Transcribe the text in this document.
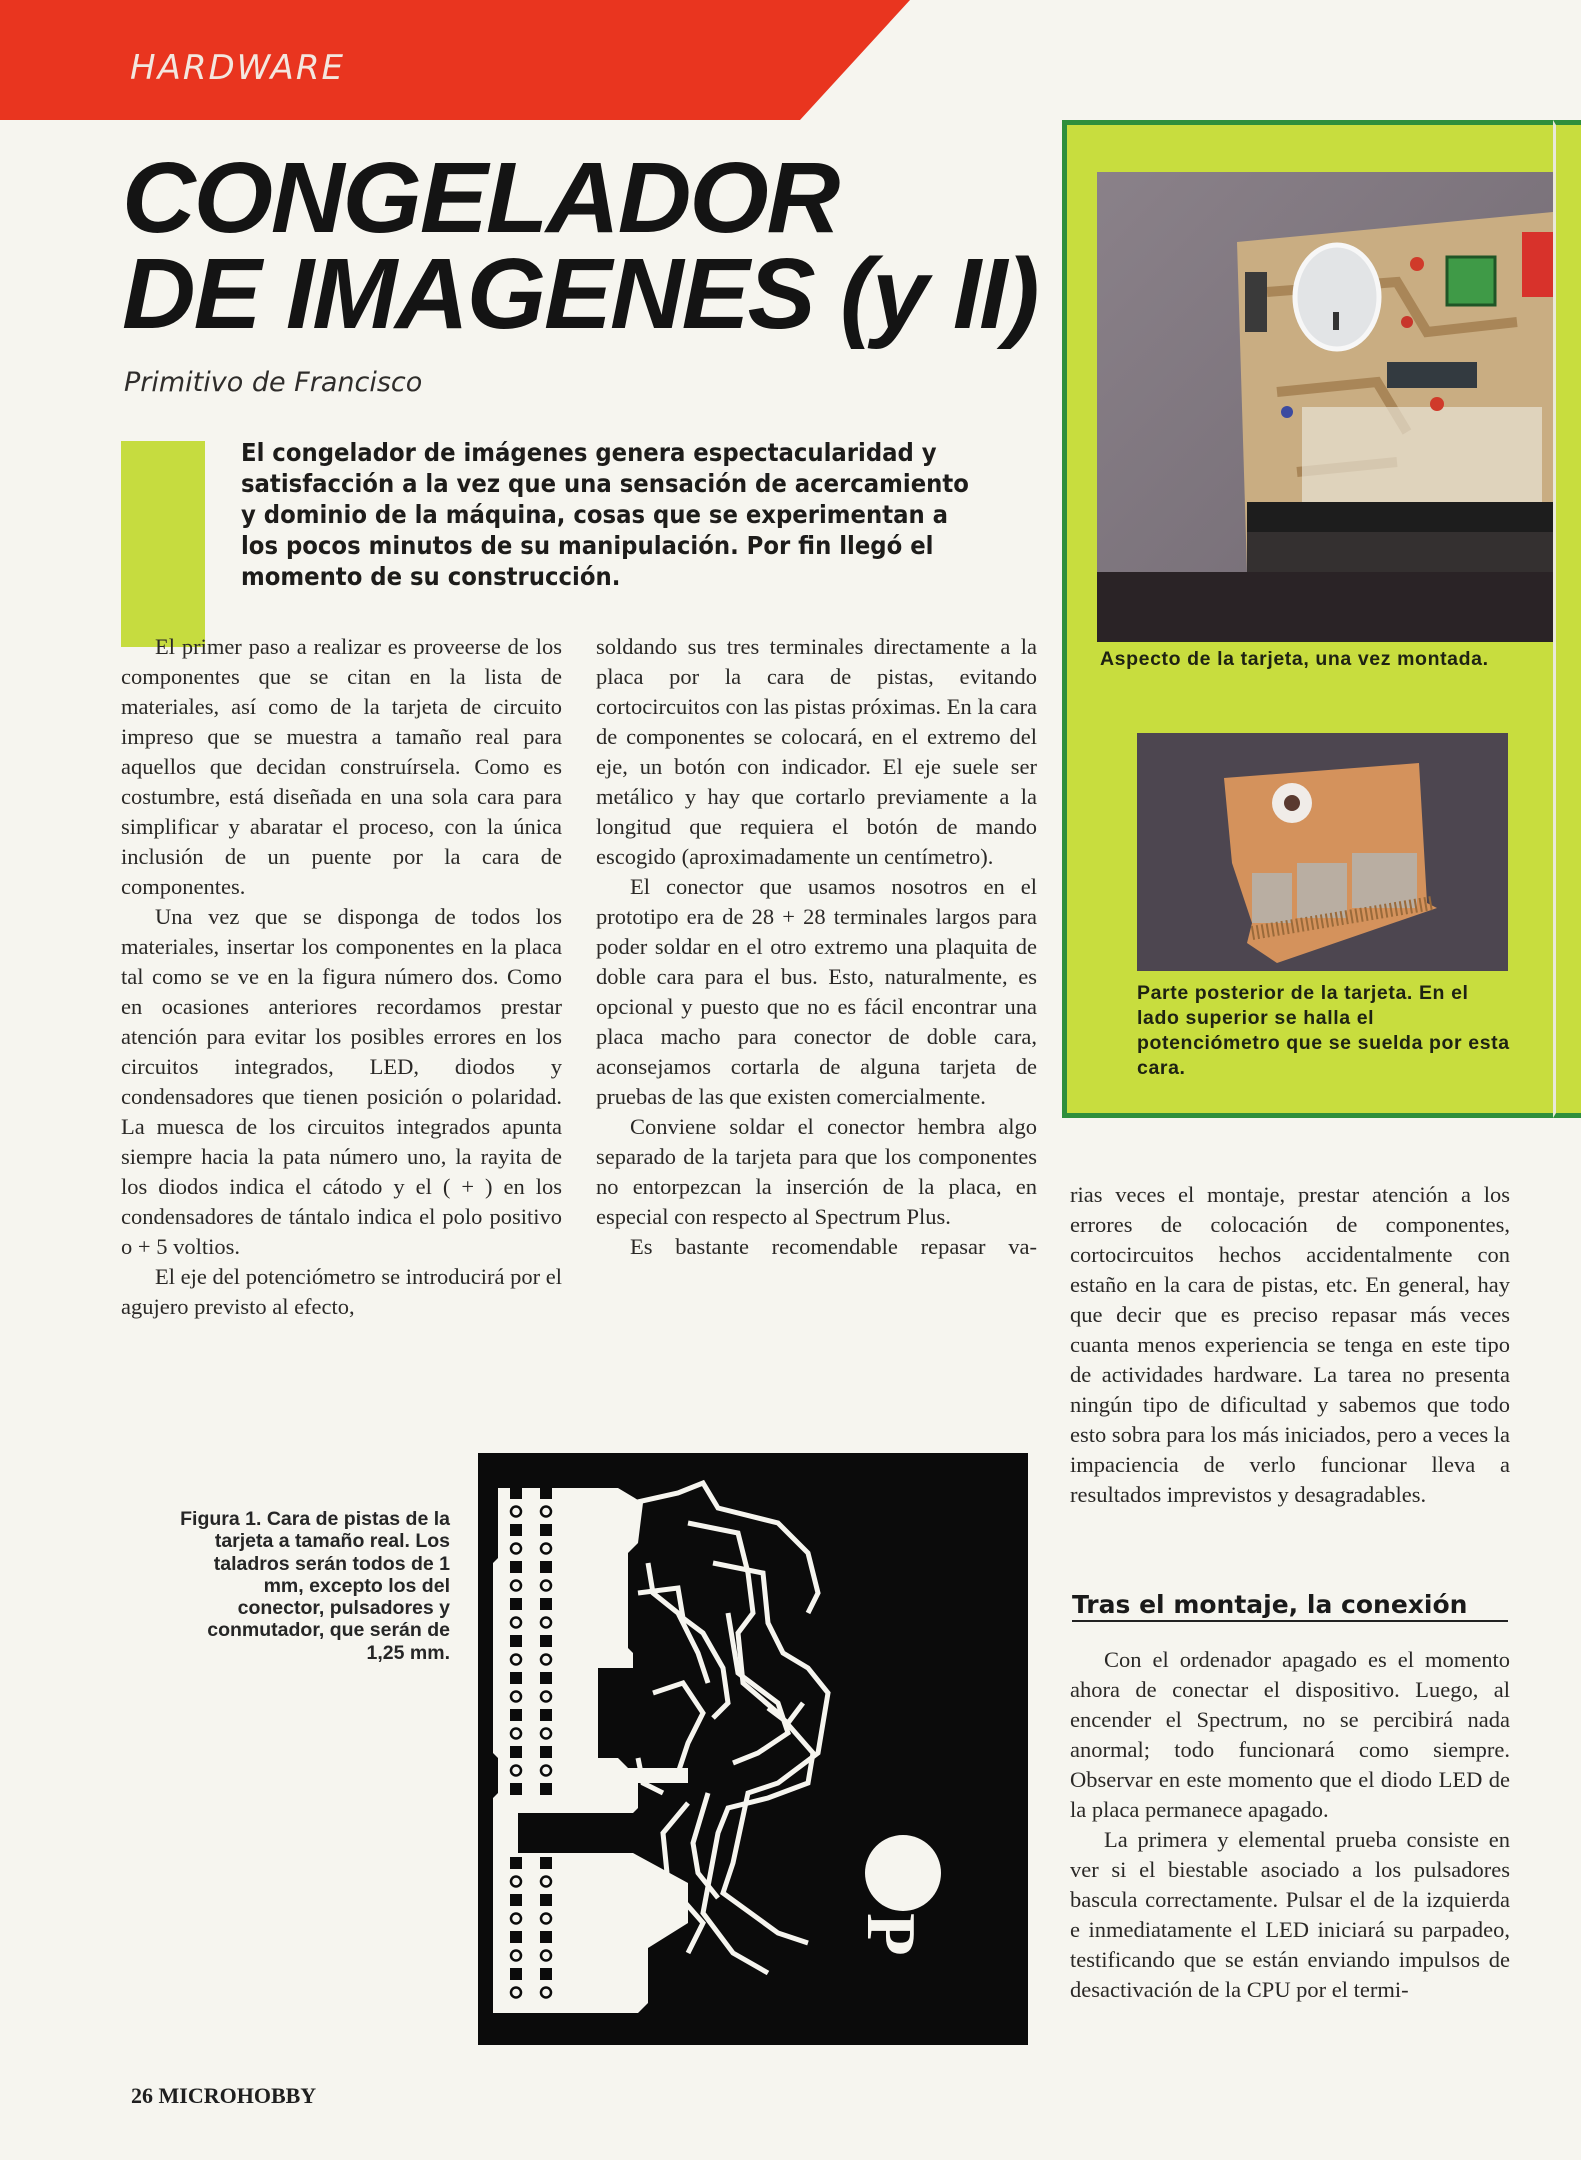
HARDWARE
CONGELADOR
DE IMAGENES (y II)
Primitivo de Francisco
El congelador de imágenes genera espectacularidad y satisfacción a la vez que una sensación de acercamiento y dominio de la máquina, cosas que se experimentan a los pocos minutos de su manipulación. Por fin llegó el momento de su construcción.

El primer paso a realizar es proveerse de los componentes que se citan en la lista de materiales, así como de la tarjeta de circuito impreso que se muestra a tamaño real para aquellos que decidan construírsela. Como es costumbre, está diseñada en una sola cara para simplificar y abaratar el proceso, con la única inclusión de un puente por la cara de componentes.

Una vez que se disponga de todos los materiales, insertar los componentes en la placa tal como se ve en la figura número dos. Como en ocasiones anteriores recordamos prestar atención para evitar los posibles errores en los circuitos integrados, LED, diodos y condensadores que tienen posición o polaridad. La muesca de los circuitos integrados apunta siempre hacia la pata número uno, la rayita de los diodos indica el cátodo y el ( + ) en los condensadores de tántalo indica el polo positivo o + 5 voltios.

El eje del potenciómetro se introducirá por el agujero previsto al efecto,

soldando sus tres terminales directamente a la placa por la cara de pistas, evitando cortocircuitos con las pistas próximas. En la cara de componentes se colocará, en el extremo del eje, un botón con indicador. El eje suele ser metálico y hay que cortarlo previamente a la longitud que requiera el botón de mando escogido (aproximadamente un centímetro).

El conector que usamos nosotros en el prototipo era de 28 + 28 terminales largos para poder soldar en el otro extremo una plaquita de doble cara para el bus. Esto, naturalmente, es opcional y puesto que no es fácil encontrar una placa macho para conector de doble cara, aconsejamos cortarla de alguna tarjeta de pruebas de las que existen comercialmente.

Conviene soldar el conector hembra algo separado de la tarjeta para que los componentes no entorpezcan la inserción de la placa, en especial con respecto al Spectrum Plus.

Es bastante recomendable repasar va-

rias veces el montaje, prestar atención a los errores de colocación de componentes, cortocircuitos hechos accidentalmente con estaño en la cara de pistas, etc. En general, hay que decir que es preciso repasar más veces cuanta menos experiencia se tenga en este tipo de actividades hardware. La tarea no presenta ningún tipo de dificultad y sabemos que todo esto sobra para los más iniciados, pero a veces la impaciencia de verlo funcionar lleva a resultados imprevistos y desagradables.

Tras el montaje, la conexión

Con el ordenador apagado es el momento ahora de conectar el dispositivo. Luego, al encender el Spectrum, no se percibirá nada anormal; todo funcionará como siempre. Observar en este momento que el diodo LED de la placa permanece apagado.

La primera y elemental prueba consiste en ver si el biestable asociado a los pulsadores bascula correctamente. Pulsar el de la izquierda e inmediatamente el LED iniciará su parpadeo, testificando que se están enviando impulsos de desactivación de la CPU por el termi-

Aspecto de la tarjeta, una vez montada.
Parte posterior de la tarjeta. En el lado superior se halla el potenciómetro que se suelda por esta cara.
Figura 1. Cara de pistas de la tarjeta a tamaño real. Los taladros serán todos de 1 mm, excepto los del conector, pulsadores y conmutador, que serán de 1,25 mm.
P
26 MICROHOBBY
